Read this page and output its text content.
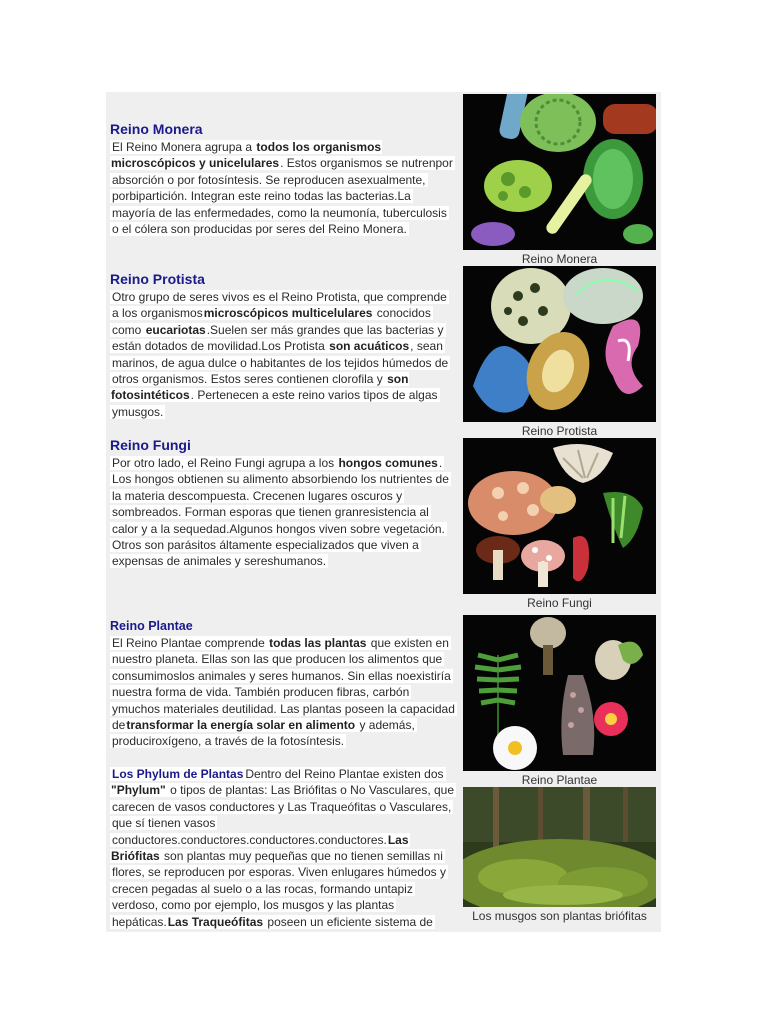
Reino Monera

El Reino Monera agrupa a todos los organismos microscópicos y unicelulares. Estos organismos se nutrenpor absorción o por fotosíntesis. Se reproducen asexualmente, porbipartición. Integran este reino todas las bacterias.La mayoría de las enfermedades, como la neumonía, tuberculosis o el cólera son producidas por seres del Reino Monera.

Reino Protista

Otro grupo de seres vivos es el Reino Protista, que comprende a los organismosmicroscópicos multicelulares conocidos como eucariotas.Suelen ser más grandes que las bacterias y están dotados de movilidad.Los Protista son acuáticos, sean marinos, de agua dulce o habitantes de los tejidos húmedos de otros organismos. Estos seres contienen clorofila y son fotosintéticos. Pertenecen a este reino varios tipos de algas ymusgos.

Reino Fungi

Por otro lado, el Reino Fungi agrupa a los hongos comunes. Los hongos obtienen su alimento absorbiendo los nutrientes de la materia descompuesta. Crecenen lugares oscuros y sombreados. Forman esporas que tienen granresistencia al calor y a la sequedad.Algunos hongos viven sobre vegetación. Otros son parásitos áltamente especializados que viven a expensas de animales y sereshumanos.

Reino Plantae

El Reino Plantae comprende todas las plantas que existen en nuestro planeta. Ellas son las que producen los alimentos que consumimoslos animales y seres humanos. Sin ellas noexistiría nuestra forma de vida. También producen fibras, carbón ymuchos materiales deutilidad. Las plantas poseen la capacidad detransformar la energía solar en alimento y además, produciroxígeno, a través de la fotosíntesis.

Los Phylum de Plantas Dentro del Reino Plantae existen dos "Phylum" o tipos de plantas: Las Briófitas o No Vasculares, que carecen de vasos conductores y Las Traqueófitas o Vasculares, que sí tienen vasos conductores.conductores.conductores.conductores.Las Briófitas son plantas muy pequeñas que no tienen semillas ni flores, se reproducen por esporas. Viven enlugares húmedos y crecen pegadas al suelo o a las rocas, formando untapiz verdoso, como por ejemplo, los musgos y las plantas hepáticas.Las Traqueófitas poseen un eficiente sistema de

Reino Monera
Reino Protista
Reino Fungi
Reino Plantae
Los musgos son plantas briófitas
